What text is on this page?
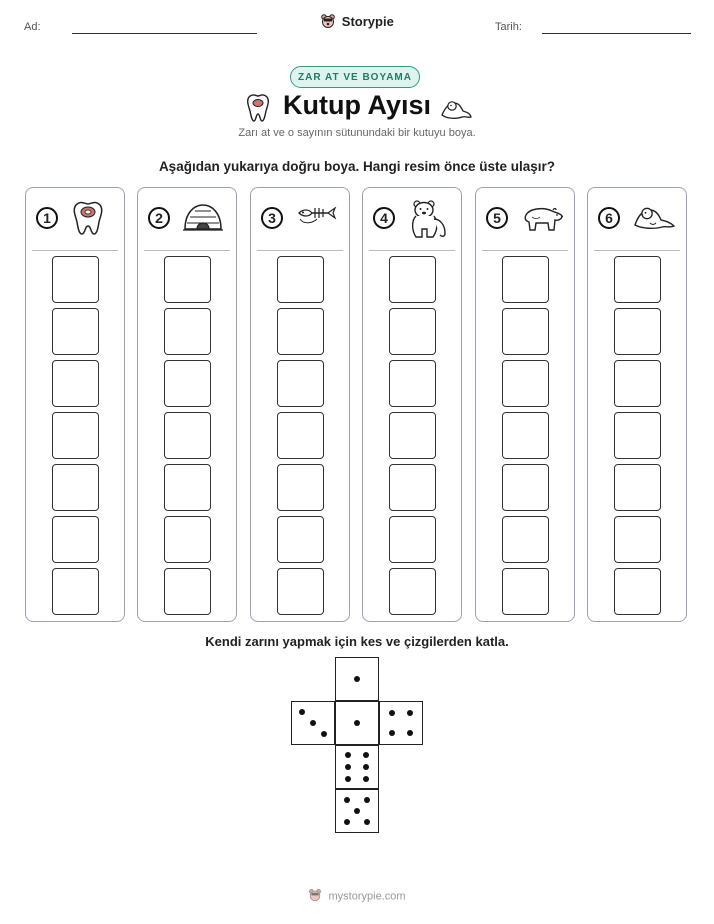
Ad:	Storypie	Tarih:
ZAR AT VE BOYAMA
Kutup Ayısı
Zarı at ve o sayının sütunundaki bir kutuyu boya.
Aşağıdan yukarıya doğru boya. Hangi resim önce üste ulaşır?
1	2	3	4	5	6
Kendi zarını yapmak için kes ve çizgilerden katla.
mystorypie.com
